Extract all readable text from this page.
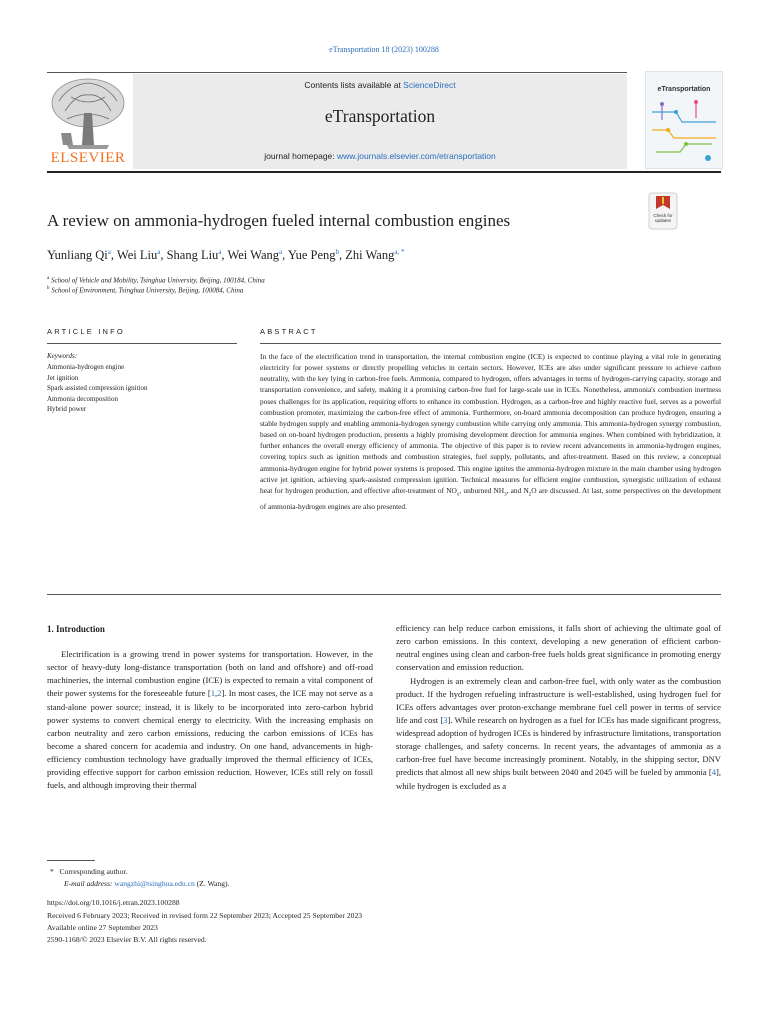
eTransportation 18 (2023) 100288
ELSEVIER
Contents lists available at ScienceDirect
eTransportation
journal homepage: www.journals.elsevier.com/etransportation
eTransportation
Check for updates
A review on ammonia-hydrogen fueled internal combustion engines
Yunliang Qi$^a$, Wei Liu$^a$, Shang Liu$^a$, Wei Wang$^a$, Yue Peng$^b$, Zhi Wang$^{a, *}$
$^a$ School of Vehicle and Mobility, Tsinghua University, Beijing, 100184, China
$^b$ School of Environment, Tsinghua University, Beijing, 100084, China
ARTICLE INFO
Keywords:
Ammonia-hydrogen engine
Jet ignition
Spark assisted compression ignition
Ammonia decomposition
Hybrid power
ABSTRACT
In the face of the electrification trend in transportation, the internal combustion engine (ICE) is expected to continue playing a vital role in generating electricity for power systems or directly propelling vehicles in certain sectors. However, ICEs are also under significant pressure to achieve carbon neutrality, with the key lying in carbon-free fuels. Ammonia, compared to hydrogen, offers advantages in terms of hydrogen-carrying capacity, storage and transportation convenience, and safety, making it a promising carbon-free fuel for large-scale use in ICEs. Nonetheless, ammonia's combustion inertness poses challenges for its application, requiring efforts to enhance its combustion. Hydrogen, as a carbon-free and highly reactive fuel, serves as a powerful combustion promoter, maximizing the carbon-free effect of ammonia. Furthermore, on-board ammonia decomposition can produce hydrogen, ensuring a stable hydrogen supply and enabling ammonia-hydrogen synergy combustion while carrying only ammonia. This ammonia-hydrogen synergy combustion, based on on-board hydrogen production, presents a highly promising development direction for ammonia engines. When combined with hybridization, it further enhances the overall energy efficiency of ammonia. The objective of this paper is to review recent advancements in ammonia-hydrogen engines, covering topics such as ignition methods and combustion strategies, fuel supply, pollutants, and after-treatment. Based on this review, a conceptual ammonia-hydrogen engine for hybrid power systems is proposed. This engine ignites the ammonia-hydrogen mixture in the main chamber using hydrogen active jet ignition, achieving spark-assisted compression ignition. Technical measures for efficient engine combustion, synergistic utilization of exhaust heat for hydrogen production, and effective after-treatment of $NO_x$, unburned $NH_3$, and $N_2O$ are discussed. At last, some perspectives on the development of ammonia-hydrogen engines are also presented.
1. Introduction
Electrification is a growing trend in power systems for transportation. However, in the sector of heavy-duty long-distance transportation (both on land and offshore) and off-road machineries, the internal combustion engine (ICE) is expected to remain a vital component of their power systems for the foreseeable future [1,2]. In most cases, the ICE may not serve as a stand-alone power source; instead, it is likely to be incorporated into zero-carbon hybrid power systems to convert chemical energy to electricity. With the increasing emphasis on carbon neutrality and zero carbon emissions, reducing the carbon emissions of ICEs has become a shared concern for academia and industry. On one hand, advancements in high-efficiency combustion technology have gradually improved the thermal efficiency of ICEs, providing effective support for carbon emission reduction. However, ICEs still rely on fossil fuels, and although improving their thermal

efficiency can help reduce carbon emissions, it falls short of achieving the ultimate goal of zero carbon emissions. In this context, developing a new generation of efficient carbon-neutral engines using clean and carbon-free fuels holds great significance in promoting energy conservation and emission reduction.

Hydrogen is an extremely clean and carbon-free fuel, with only water as the combustion product. If the hydrogen refueling infrastructure is well-established, using hydrogen fuel for ICEs offers advantages over proton-exchange membrane fuel cell power in terms of service life and cost [3]. While research on hydrogen as a fuel for ICEs has made significant progress, widespread adoption of hydrogen ICEs is hindered by infrastructure limitations, transportation storage challenges, and safety concerns. In recent years, the advantages of ammonia as a carbon-free fuel have become increasingly prominent. Notably, in the shipping sector, DNV predicts that almost all new ships built between 2040 and 2045 will be fueled by ammonia [4], while hydrogen is excluded as a

* Corresponding author.
E-mail address: wangzhi@tsinghua.edu.cn (Z. Wang).
https://doi.org/10.1016/j.etran.2023.100288
Received 6 February 2023; Received in revised form 22 September 2023; Accepted 25 September 2023
Available online 27 September 2023
2590-1168/© 2023 Elsevier B.V. All rights reserved.
